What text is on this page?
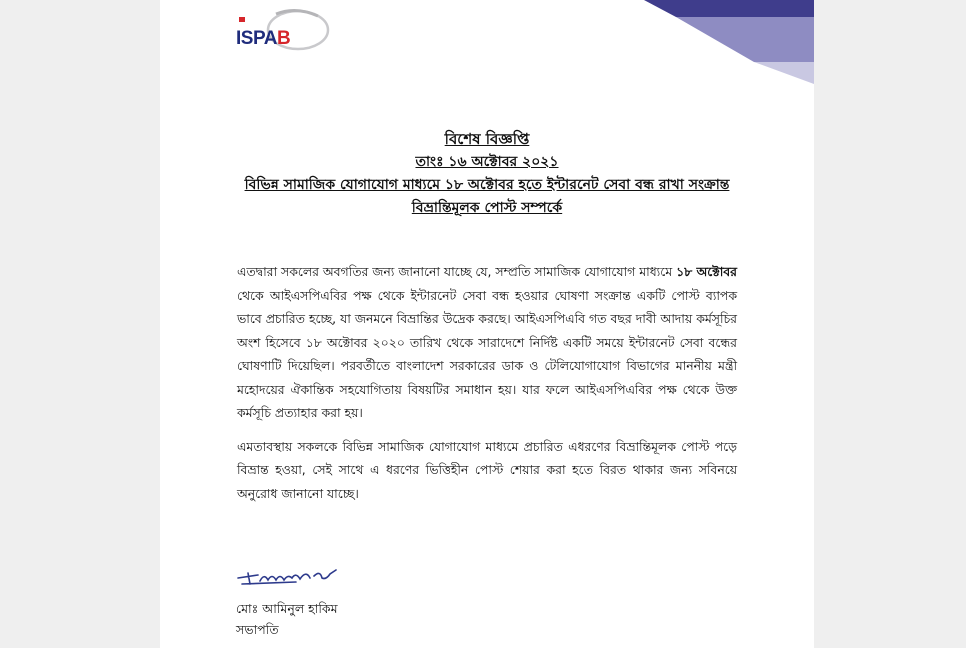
ISPAB
বিশেষ বিজ্ঞপ্তি
তাংঃ ১৬ অক্টোবর ২০২১
বিভিন্ন সামাজিক যোগাযোগ মাধ্যমে ১৮ অক্টোবর হতে ইন্টারনেট সেবা বন্ধ রাখা সংক্রান্ত
বিভ্রান্তিমূলক পোস্ট সম্পর্কে

এতদ্বারা সকলের অবগতির জন্য জানানো যাচ্ছে যে, সম্প্রতি সামাজিক যোগাযোগ মাধ্যমে ১৮ অক্টোবর থেকে আইএসপিএবির পক্ষ থেকে ইন্টারনেট সেবা বন্ধ হওয়ার ঘোষণা সংক্রান্ত একটি পোস্ট ব্যাপক ভাবে প্রচারিত হচ্ছে, যা জনমনে বিভ্রান্তির উদ্রেক করছে। আইএসপিএবি গত বছর দাবী আদায় কর্মসূচির অংশ হিসেবে ১৮ অক্টোবর ২০২০ তারিখ থেকে সারাদেশে নির্দিষ্ট একটি সময়ে ইন্টারনেট সেবা বন্ধের ঘোষণাটি দিয়েছিল। পরবর্তীতে বাংলাদেশ সরকারের ডাক ও টেলিযোগাযোগ বিভাগের মাননীয় মন্ত্রী মহোদয়ের ঐকান্তিক সহযোগিতায় বিষয়টির সমাধান হয়। যার ফলে আইএসপিএবির পক্ষ থেকে উক্ত কর্মসূচি প্রত্যাহার করা হয়।

এমতাবস্থায় সকলকে বিভিন্ন সামাজিক যোগাযোগ মাধ্যমে প্রচারিত এধরণের বিভ্রান্তিমূলক পোস্ট পড়ে বিভ্রান্ত হওয়া, সেই সাথে এ ধরণের ভিত্তিহীন পোস্ট শেয়ার করা হতে বিরত থাকার জন্য সবিনয়ে অনুরোধ জানানো যাচ্ছে।

মোঃ আমিনুল হাকিম
সভাপতি
